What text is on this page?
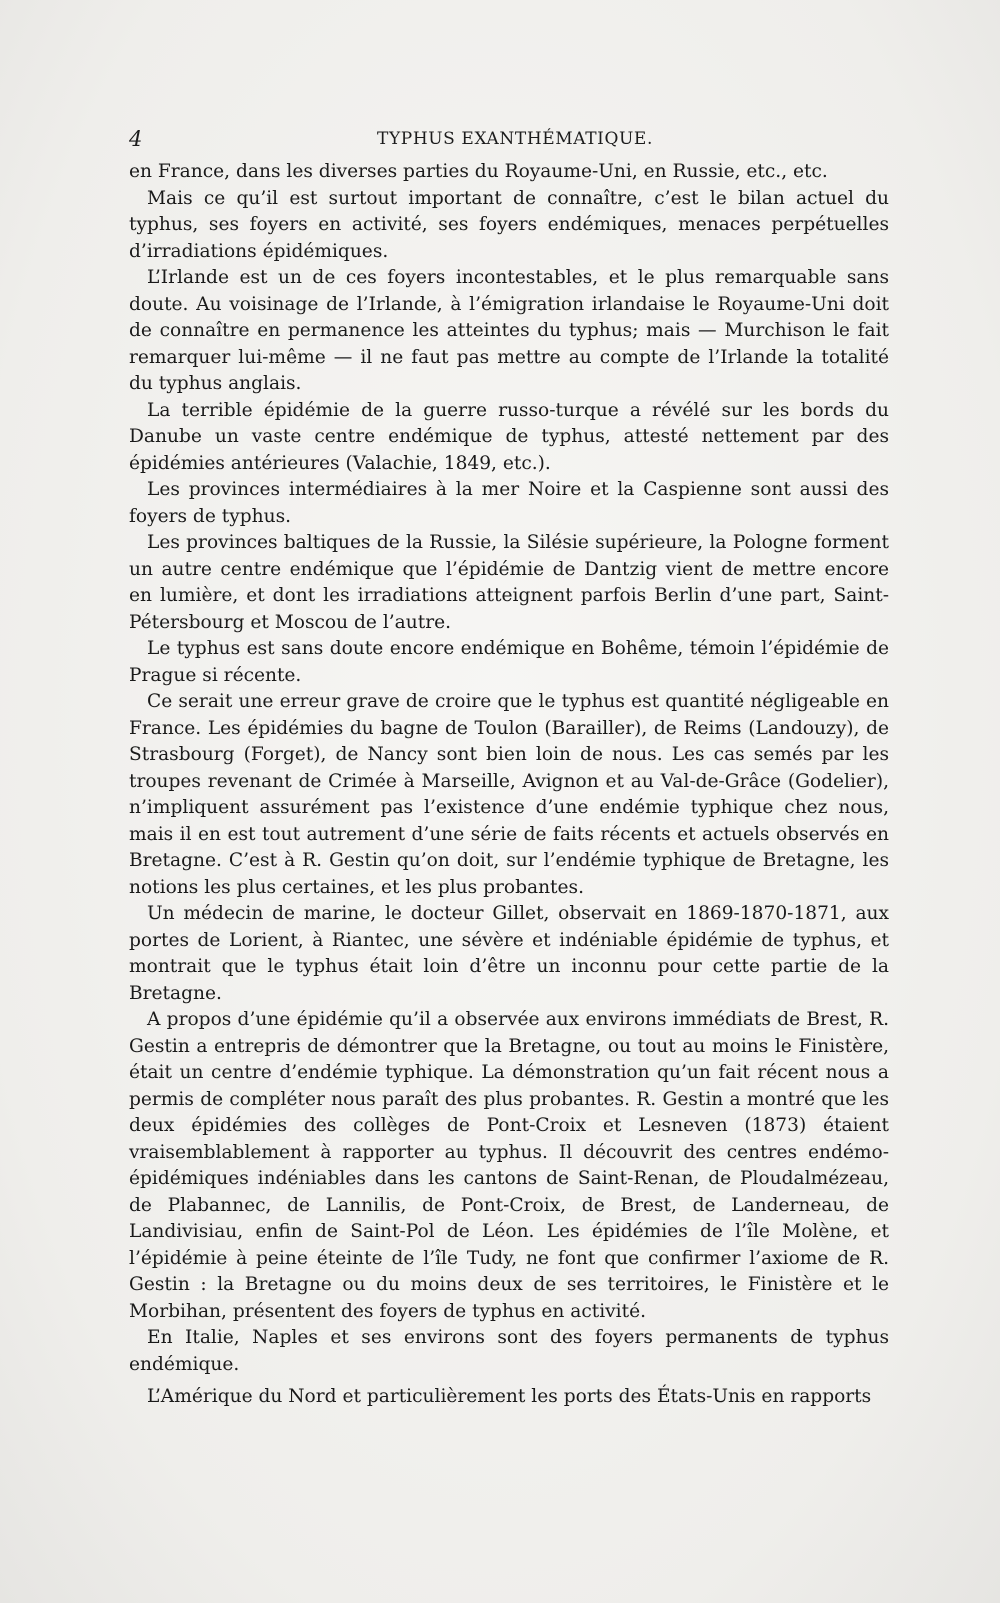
4	TYPHUS EXANTHÉMATIQUE.

en France, dans les diverses parties du Royaume-Uni, en Russie, etc., etc.

Mais ce qu’il est surtout important de connaître, c’est le bilan actuel du typhus, ses foyers en activité, ses foyers endémiques, menaces perpétuelles d’irradiations épidémiques.

L’Irlande est un de ces foyers incontestables, et le plus remarquable sans doute. Au voisinage de l’Irlande, à l’émigration irlandaise le Royaume-Uni doit de connaître en permanence les atteintes du typhus; mais — Murchison le fait remarquer lui-même — il ne faut pas mettre au compte de l’Irlande la totalité du typhus anglais.

La terrible épidémie de la guerre russo-turque a révélé sur les bords du Danube un vaste centre endémique de typhus, attesté nettement par des épidémies antérieures (Valachie, 1849, etc.).

Les provinces intermédiaires à la mer Noire et la Caspienne sont aussi des foyers de typhus.

Les provinces baltiques de la Russie, la Silésie supérieure, la Pologne forment un autre centre endémique que l’épidémie de Dantzig vient de mettre encore en lumière, et dont les irradiations atteignent parfois Berlin d’une part, Saint-Pétersbourg et Moscou de l’autre.

Le typhus est sans doute encore endémique en Bohême, témoin l’épidémie de Prague si récente.

Ce serait une erreur grave de croire que le typhus est quantité négligeable en France. Les épidémies du bagne de Toulon (Barailler), de Reims (Landouzy), de Strasbourg (Forget), de Nancy sont bien loin de nous. Les cas semés par les troupes revenant de Crimée à Marseille, Avignon et au Val-de-Grâce (Godelier), n’impliquent assurément pas l’existence d’une endémie typhique chez nous, mais il en est tout autrement d’une série de faits récents et actuels observés en Bretagne. C’est à R. Gestin qu’on doit, sur l’endémie typhique de Bretagne, les notions les plus certaines, et les plus probantes.

Un médecin de marine, le docteur Gillet, observait en 1869-1870-1871, aux portes de Lorient, à Riantec, une sévère et indéniable épidémie de typhus, et montrait que le typhus était loin d’être un inconnu pour cette partie de la Bretagne.

A propos d’une épidémie qu’il a observée aux environs immédiats de Brest, R. Gestin a entrepris de démontrer que la Bretagne, ou tout au moins le Finistère, était un centre d’endémie typhique. La démonstration qu’un fait récent nous a permis de compléter nous paraît des plus probantes. R. Gestin a montré que les deux épidémies des collèges de Pont-Croix et Lesneven (1873) étaient vraisemblablement à rapporter au typhus. Il découvrit des centres endémo-épidémiques indéniables dans les cantons de Saint-Renan, de Ploudalmézeau, de Plabannec, de Lannilis, de Pont-Croix, de Brest, de Landerneau, de Landivisiau, enfin de Saint-Pol de Léon. Les épidémies de l’île Molène, et l’épidémie à peine éteinte de l’île Tudy, ne font que confirmer l’axiome de R. Gestin : la Bretagne ou du moins deux de ses territoires, le Finistère et le Morbihan, présentent des foyers de typhus en activité.

En Italie, Naples et ses environs sont des foyers permanents de typhus endémique.

L’Amérique du Nord et particulièrement les ports des États-Unis en rapports
